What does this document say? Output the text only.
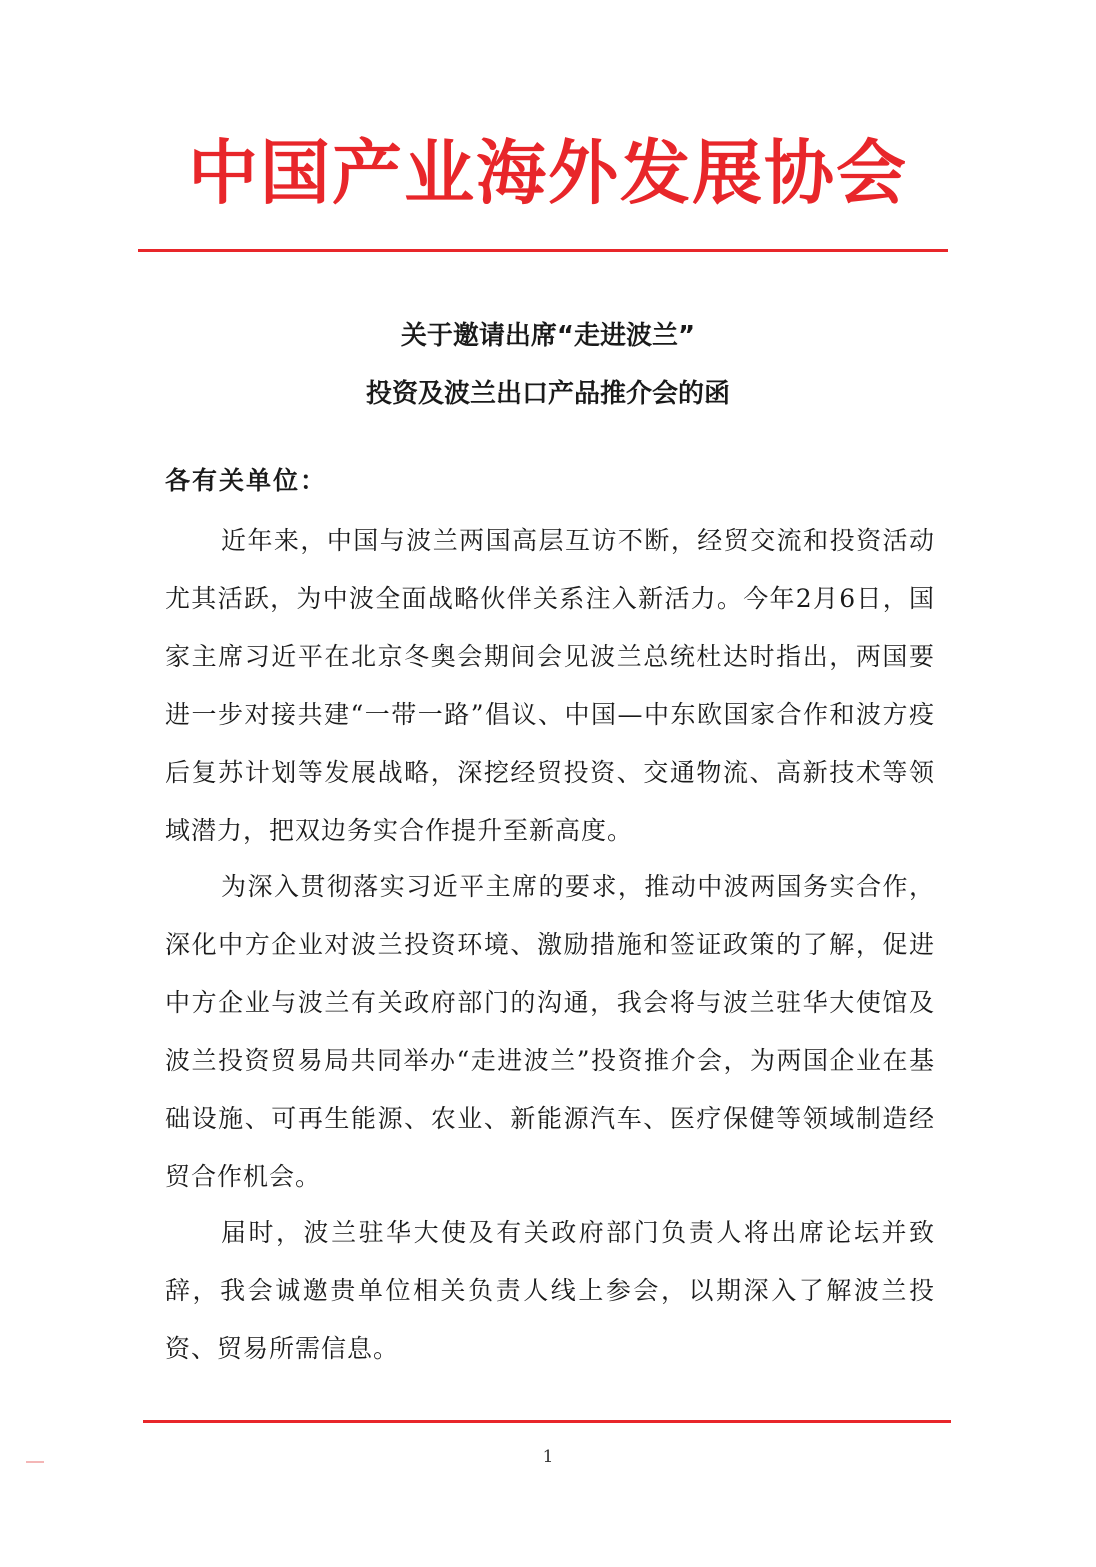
中国产业海外发展协会
关于邀请出席“走进波兰”
投资及波兰出口产品推介会的函
各有关单位：

近年来，中国与波兰两国高层互访不断，经贸交流和投资活动尤其活跃，为中波全面战略伙伴关系注入新活力。今年2月6日，国家主席习近平在北京冬奥会期间会见波兰总统杜达时指出，两国要进一步对接共建“一带一路”倡议、中国—中东欧国家合作和波方疫后复苏计划等发展战略，深挖经贸投资、交通物流、高新技术等领域潜力，把双边务实合作提升至新高度。

为深入贯彻落实习近平主席的要求，推动中波两国务实合作，深化中方企业对波兰投资环境、激励措施和签证政策的了解，促进中方企业与波兰有关政府部门的沟通，我会将与波兰驻华大使馆及波兰投资贸易局共同举办“走进波兰”投资推介会，为两国企业在基础设施、可再生能源、农业、新能源汽车、医疗保健等领域制造经贸合作机会。

届时，波兰驻华大使及有关政府部门负责人将出席论坛并致辞，我会诚邀贵单位相关负责人线上参会，以期深入了解波兰投资、贸易所需信息。

1
